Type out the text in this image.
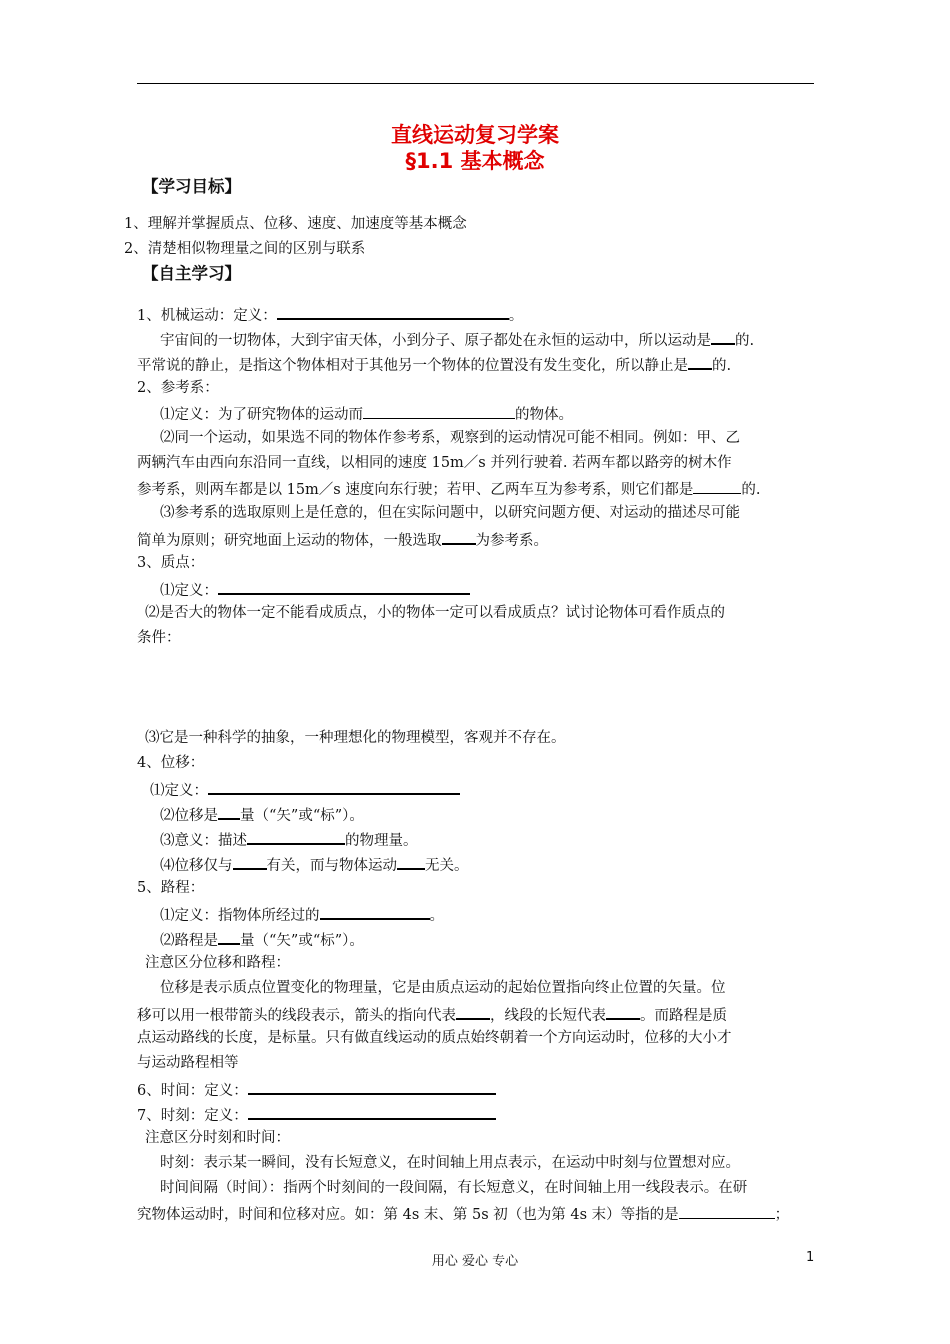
直线运动复习学案
§1.1 基本概念
【学习目标】
1、理解并掌握质点、位移、速度、加速度等基本概念
2、清楚相似物理量之间的区别与联系
【自主学习】
1、机械运动：定义：	。
宇宙间的一切物体，大到宇宙天体，小到分子、原子都处在永恒的运动中，所以运动是 的.
平常说的静止，是指这个物体相对于其他另一个物体的位置没有发生变化，所以静止是 的.
2、参考系：
⑴定义：为了研究物体的运动而	的物体。
⑵同一个运动，如果选不同的物体作参考系，观察到的运动情况可能不相同。例如：甲、乙
两辆汽车由西向东沿同一直线，以相同的速度 15m／s 并列行驶着. 若两车都以路旁的树木作
参考系，则两车都是以 15m／s 速度向东行驶；若甲、乙两车互为参考系，则它们都是	的.
⑶参考系的选取原则上是任意的，但在实际问题中，以研究问题方便、对运动的描述尽可能
简单为原则；研究地面上运动的物体，一般选取 为参考系。
3、质点：
⑴定义：
⑵是否大的物体一定不能看成质点，小的物体一定可以看成质点？试讨论物体可看作质点的
条件：
⑶它是一种科学的抽象，一种理想化的物理模型，客观并不存在。
4、位移：
⑴定义：
⑵位移是 量（“矢”或“标”）。
⑶意义：描述	的物理量。
⑷位移仅与 有关，而与物体运动 无关。
5、路程：
⑴定义：指物体所经过的	。
⑵路程是 量（“矢”或“标”）。
注意区分位移和路程：
位移是表示质点位置变化的物理量，它是由质点运动的起始位置指向终止位置的矢量。位
移可以用一根带箭头的线段表示，箭头的指向代表 ，线段的长短代表 。而路程是质
点运动路线的长度，是标量。只有做直线运动的质点始终朝着一个方向运动时，位移的大小才
与运动路程相等
6、时间：定义：
7、时刻：定义：
注意区分时刻和时间：
时刻：表示某一瞬间，没有长短意义，在时间轴上用点表示，在运动中时刻与位置想对应。
时间间隔（时间）：指两个时刻间的一段间隔，有长短意义，在时间轴上用一线段表示。在研
究物体运动时，时间和位移对应。如：第 4s 末、第 5s 初（也为第 4s 末）等指的是	；
用心 爱心 专心	1
